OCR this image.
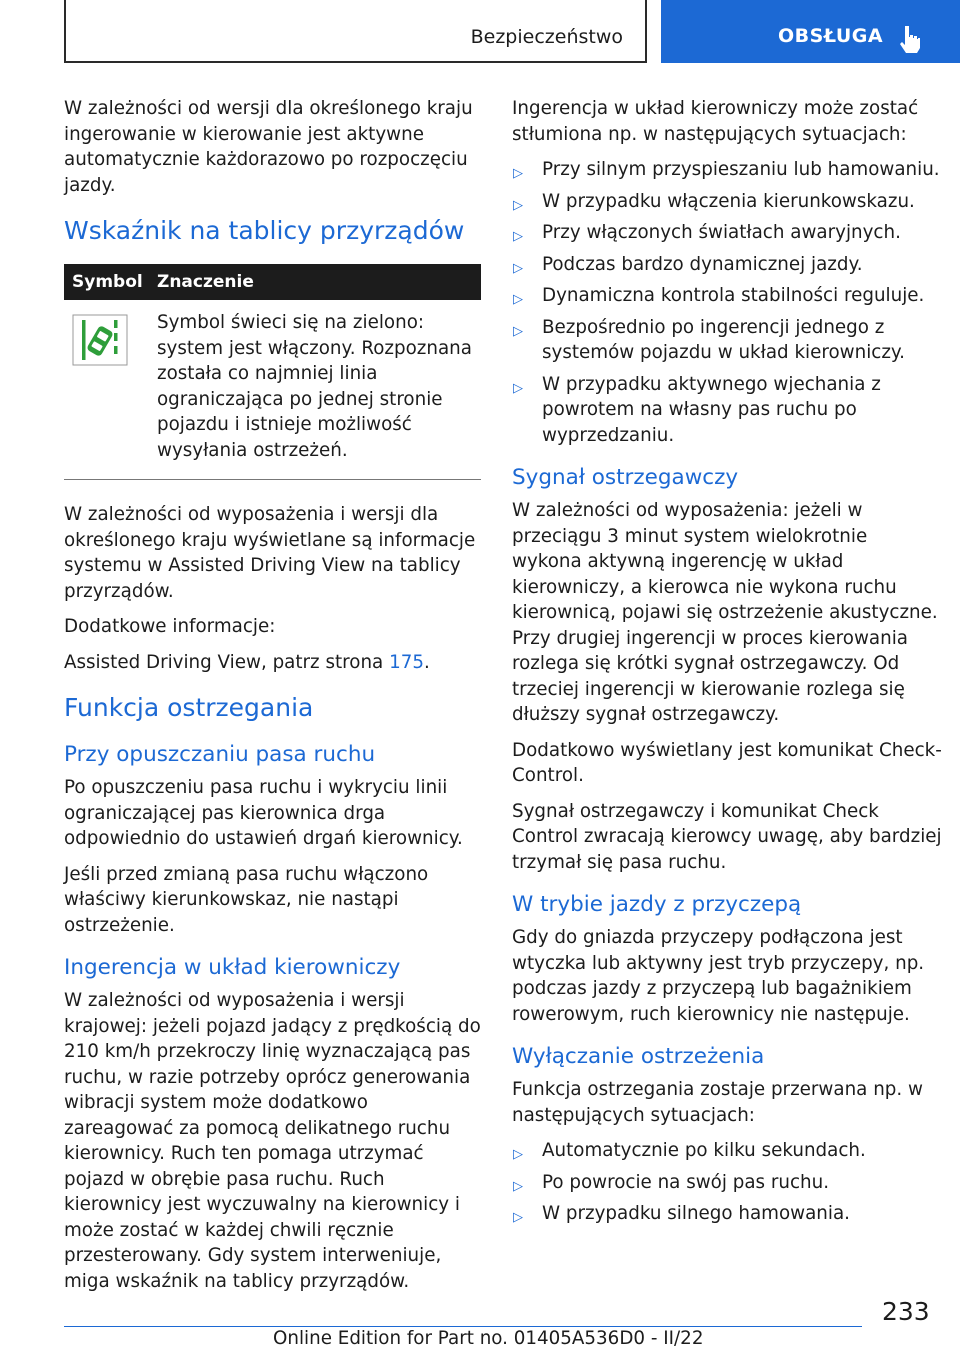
Bezpieczeństwo	OBSŁUGA

W zależności od wersji dla określonego kraju ingerowanie w kierowanie jest aktywne automatycznie każdorazowo po rozpoczęciu jazdy.

Wskaźnik na tablicy przyrządów
Symbol	Znaczenie
	Symbol świeci się na zielono: system jest włączony. Rozpoznana została co najmniej linia ograniczająca po jednej stronie pojazdu i istnieje możliwość wysyłania ostrzeżeń.

W zależności od wyposażenia i wersji dla określonego kraju wyświetlane są informacje systemu w Assisted Driving View na tablicy przyrządów.

Dodatkowe informacje:

Assisted Driving View, patrz strona 175.

Funkcja ostrzegania
Przy opuszczaniu pasa ruchu

Po opuszczeniu pasa ruchu i wykryciu linii ograniczającej pas kierownica drga odpowiednio do ustawień drgań kierownicy.

Jeśli przed zmianą pasa ruchu włączono właściwy kierunkowskaz, nie nastąpi ostrzeżenie.

Ingerencja w układ kierowniczy

W zależności od wyposażenia i wersji krajowej: jeżeli pojazd jadący z prędkością do 210 km/h przekroczy linię wyznaczającą pas ruchu, w razie potrzeby oprócz generowania wibracji system może dodatkowo zareagować za pomocą delikatnego ruchu kierownicy. Ruch ten pomaga utrzymać pojazd w obrębie pasa ruchu. Ruch kierownicy jest wyczuwalny na kierownicy i może zostać w każdej chwili ręcznie przesterowany. Gdy system interweniuje, miga wskaźnik na tablicy przyrządów.

Ingerencja w układ kierowniczy może zostać stłumiona np. w następujących sytuacjach:

▷ Przy silnym przyspieszaniu lub hamowaniu.
▷ W przypadku włączenia kierunkowskazu.
▷ Przy włączonych światłach awaryjnych.
▷ Podczas bardzo dynamicznej jazdy.
▷ Dynamiczna kontrola stabilności reguluje.
▷ Bezpośrednio po ingerencji jednego z systemów pojazdu w układ kierowniczy.
▷ W przypadku aktywnego wjechania z powrotem na własny pas ruchu po wyprzedzaniu.
Sygnał ostrzegawczy

W zależności od wyposażenia: jeżeli w przeciągu 3 minut system wielokrotnie wykona aktywną ingerencję w układ kierowniczy, a kierowca nie wykona ruchu kierownicą, pojawi się ostrzeżenie akustyczne. Przy drugiej ingerencji w proces kierowania rozlega się krótki sygnał ostrzegawczy. Od trzeciej ingerencji w kierowanie rozlega się dłuższy sygnał ostrzegawczy.

Dodatkowo wyświetlany jest komunikat Check-Control.

Sygnał ostrzegawczy i komunikat Check Control zwracają kierowcy uwagę, aby bardziej trzymał się pasa ruchu.

W trybie jazdy z przyczepą

Gdy do gniazda przyczepy podłączona jest wtyczka lub aktywny jest tryb przyczepy, np. podczas jazdy z przyczepą lub bagażnikiem rowerowym, ruch kierownicy nie następuje.

Wyłączanie ostrzeżenia

Funkcja ostrzegania zostaje przerwana np. w następujących sytuacjach:

▷ Automatycznie po kilku sekundach.
▷ Po powrocie na swój pas ruchu.
▷ W przypadku silnego hamowania.
233
Online Edition for Part no. 01405A536D0 - II/22
